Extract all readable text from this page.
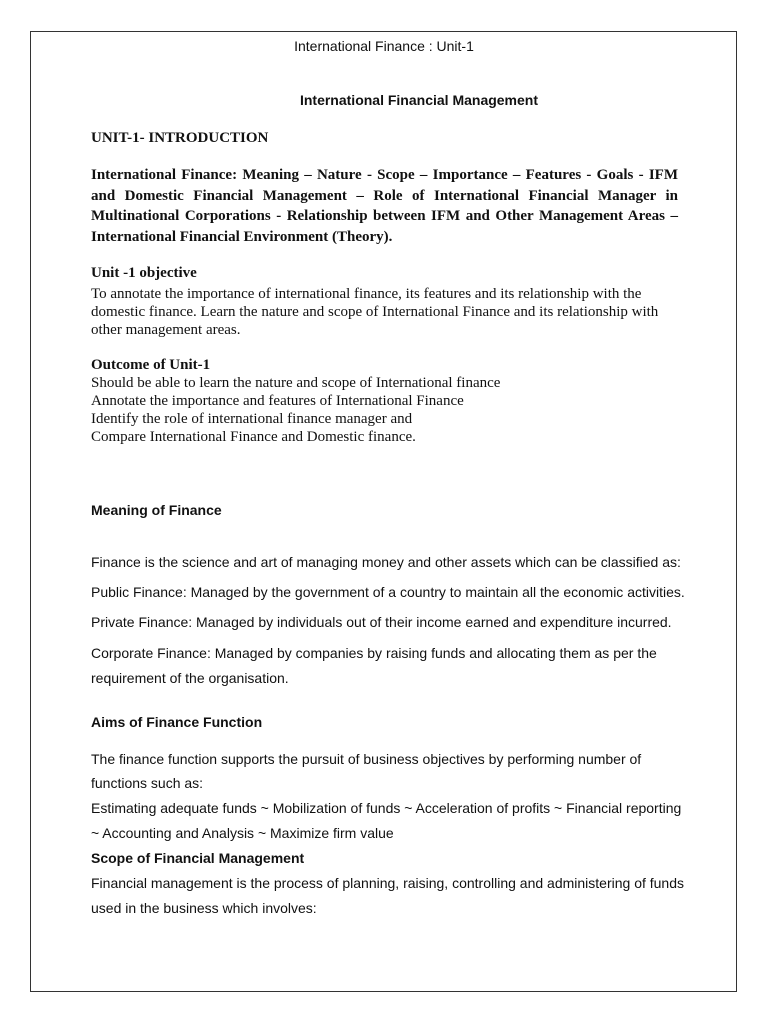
International Finance : Unit-1

International Financial Management

UNIT-1- INTRODUCTION

International Finance: Meaning – Nature - Scope – Importance – Features - Goals - IFM
and Domestic Financial Management – Role of International Financial Manager in
Multinational Corporations - Relationship between IFM and Other Management Areas –
International Financial Environment (Theory).

Unit -1 objective

To annotate the importance of international finance, its features and its relationship with the

domestic finance. Learn the nature and scope of International Finance and its relationship with

other management areas.

Outcome of Unit-1

Should be able to learn the nature and scope of International finance

Annotate the importance and features of International Finance

Identify the role of international finance manager and

Compare International Finance and Domestic finance.

Meaning of Finance

Finance is the science and art of managing money and other assets which can be classified as:

Public Finance: Managed by the government of a country to maintain all the economic activities.

Private Finance: Managed by individuals out of their income earned and expenditure incurred.

Corporate Finance: Managed by companies by raising funds and allocating them as per the

requirement of the organisation.

Aims of Finance Function

The finance function supports the pursuit of business objectives by performing number of

functions such as:

Estimating adequate funds ~ Mobilization of funds ~ Acceleration of profits ~ Financial reporting

~ Accounting and Analysis ~ Maximize firm value

Scope of Financial Management

Financial management is the process of planning, raising, controlling and administering of funds

used in the business which involves:
